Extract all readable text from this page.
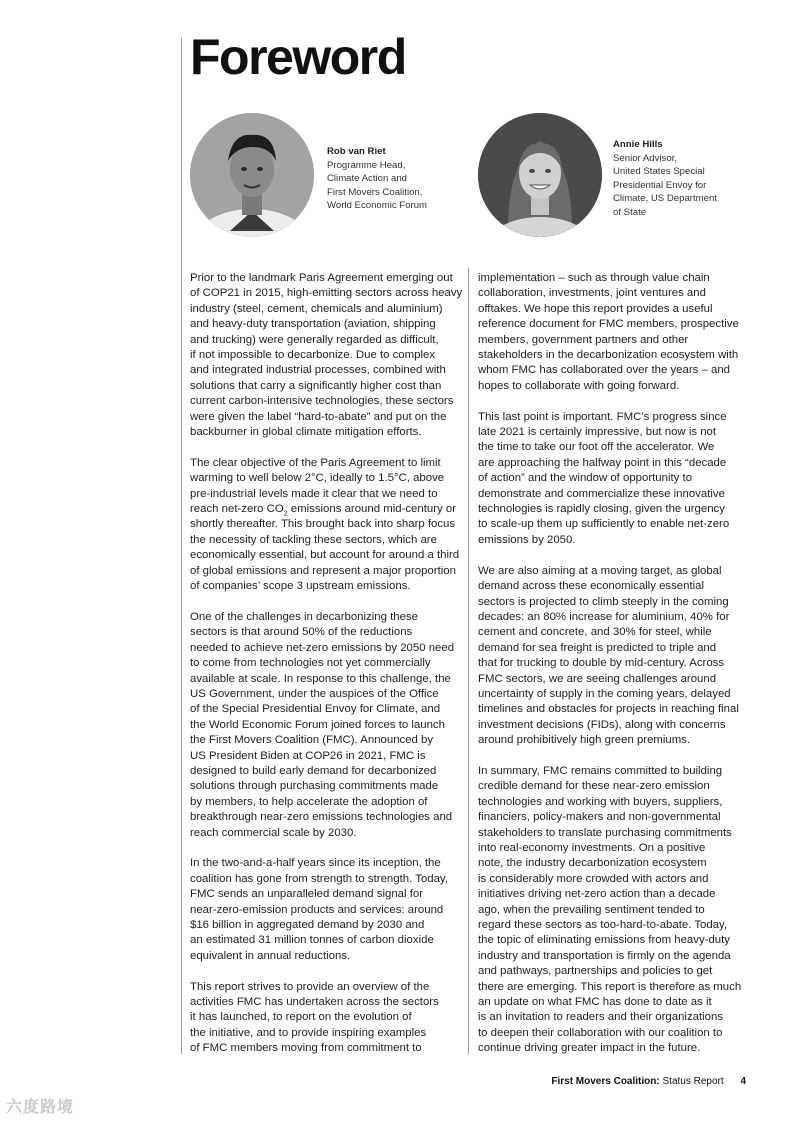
Foreword
Rob van Riet
Programme Head,
Climate Action and
First Movers Coalition,
World Economic Forum
Annie Hills
Senior Advisor,
United States Special
Presidential Envoy for
Climate, US Department
of State

Prior to the landmark Paris Agreement emerging out
of COP21 in 2015, high-emitting sectors across heavy
industry (steel, cement, chemicals and aluminium)
and heavy-duty transportation (aviation, shipping
and trucking) were generally regarded as difficult,
if not impossible to decarbonize. Due to complex
and integrated industrial processes, combined with
solutions that carry a significantly higher cost than
current carbon-intensive technologies, these sectors
were given the label “hard-to-abate” and put on the
backburner in global climate mitigation efforts.

The clear objective of the Paris Agreement to limit
warming to well below 2°C, ideally to 1.5°C, above
pre-industrial levels made it clear that we need to
reach net-zero $CO_2$ emissions around mid-century or
shortly thereafter. This brought back into sharp focus
the necessity of tackling these sectors, which are
economically essential, but account for around a third
of global emissions and represent a major proportion
of companies’ scope 3 upstream emissions.

One of the challenges in decarbonizing these
sectors is that around 50% of the reductions
needed to achieve net-zero emissions by 2050 need
to come from technologies not yet commercially
available at scale. In response to this challenge, the
US Government, under the auspices of the Office
of the Special Presidential Envoy for Climate, and
the World Economic Forum joined forces to launch
the First Movers Coalition (FMC). Announced by
US President Biden at COP26 in 2021, FMC is
designed to build early demand for decarbonized
solutions through purchasing commitments made
by members, to help accelerate the adoption of
breakthrough near-zero emissions technologies and
reach commercial scale by 2030.

In the two-and-a-half years since its inception, the
coalition has gone from strength to strength. Today,
FMC sends an unparalleled demand signal for
near-zero-emission products and services: around
$16 billion in aggregated demand by 2030 and
an estimated 31 million tonnes of carbon dioxide
equivalent in annual reductions.

This report strives to provide an overview of the
activities FMC has undertaken across the sectors
it has launched, to report on the evolution of
the initiative, and to provide inspiring examples
of FMC members moving from commitment to

implementation – such as through value chain
collaboration, investments, joint ventures and
offtakes. We hope this report provides a useful
reference document for FMC members, prospective
members, government partners and other
stakeholders in the decarbonization ecosystem with
whom FMC has collaborated over the years – and
hopes to collaborate with going forward.

This last point is important. FMC’s progress since
late 2021 is certainly impressive, but now is not
the time to take our foot off the accelerator. We
are approaching the halfway point in this “decade
of action” and the window of opportunity to
demonstrate and commercialize these innovative
technologies is rapidly closing, given the urgency
to scale-up them up sufficiently to enable net-zero
emissions by 2050.

We are also aiming at a moving target, as global
demand across these economically essential
sectors is projected to climb steeply in the coming
decades: an 80% increase for aluminium, 40% for
cement and concrete, and 30% for steel, while
demand for sea freight is predicted to triple and
that for trucking to double by mid-century. Across
FMC sectors, we are seeing challenges around
uncertainty of supply in the coming years, delayed
timelines and obstacles for projects in reaching final
investment decisions (FIDs), along with concerns
around prohibitively high green premiums.

In summary, FMC remains committed to building
credible demand for these near-zero emission
technologies and working with buyers, suppliers,
financiers, policy-makers and non-governmental
stakeholders to translate purchasing commitments
into real-economy investments. On a positive
note, the industry decarbonization ecosystem
is considerably more crowded with actors and
initiatives driving net-zero action than a decade
ago, when the prevailing sentiment tended to
regard these sectors as too-hard-to-abate. Today,
the topic of eliminating emissions from heavy-duty
industry and transportation is firmly on the agenda
and pathways, partnerships and policies to get
there are emerging. This report is therefore as much
an update on what FMC has done to date as it
is an invitation to readers and their organizations
to deepen their collaboration with our coalition to
continue driving greater impact in the future.

First Movers Coalition: Status Report 4
六度路境
